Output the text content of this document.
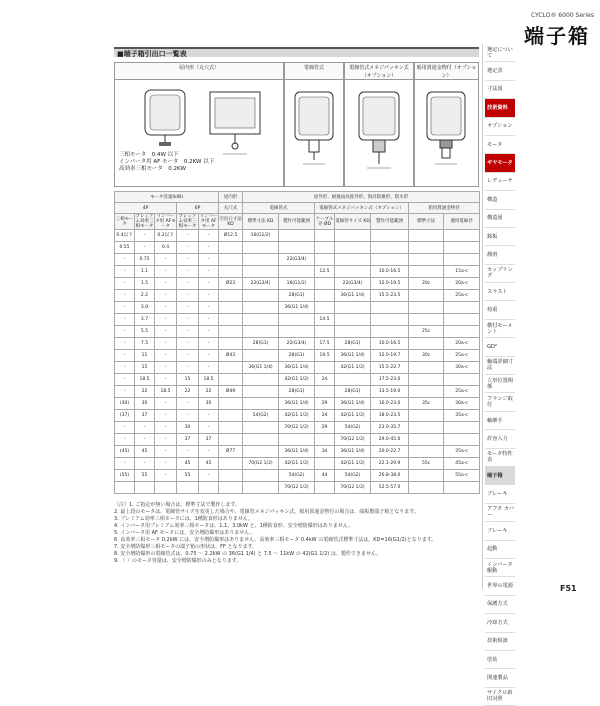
CYCLO® 6000 Series
端子箱
■端子箱引出口一覧表
屋内形（丸穴式）	電線管式	電線管式メネジパッキン式（オプション）
船用貫通金物付（オプション）
三相モータ　 0.4W 以下
インバータ用 AF モータ　 0.2KW 以下
高効率三相モータ　 0.2KW
モータ容量(kW)					屋内形	屋外形、耐風雨高度外形、海洋防塵形、防水形						
4P			6P		丸穴式	電線管式		電線管式メネジパッキン式（オプション）			船用貫通金物付	
三相モータ	プレミアム効率三相モータ	インバータ用 AFモータ	プレミアム効率三相モータ	インバータ用 AFモータ	引出口寸法 KD	標準寸法 KD	製作可能範囲	ケーブル径 ØD	電線管サイズ KD	製作可能範囲	標準寸法	適用電線径
0.4以下	-	0.2以下	-	-	Ø12.5	16(G1/2)						
0.55	-	0.4	-	-								
-	0.75	-	-	-			22(G3/4)					
-	1.1	-	-	-				12.5		10.0-16.5		15a-c
-	1.5	-	-	-	Ø23	22(G3/4)	16(G1/2)		22(G3/4)	12.0-19.5	20c	20a-c
-	2.2	-	-	-			28(G1)		36(G1 1/4)	15.5-23.5		25a-c
-	3.0	-	-	-			36(G1 1/4)					
-	3.7	-	-	-				14.5				
-	5.5	-	-	-							25c	
-	7.5	-	-	-		28(G1)	22(G3/4)	17.5	28(G1)	10.0-16.5		20a-c
-	11	-	-	-	Ø43		28(G1)	19.5	36(G1 1/4)	12.0-19.7	30c	25a-c
-	15	-	-	-		36(G1 1/4)	36(G1 1/4)		42(G1 1/2)	15.5-22.7		30a-c
-	18.5	-	15	18.5			42(G1 1/2)	24		17.5-23.0		
-	22	18.5	22	22	Ø49		28(G1)		28(G1)	13.5-19.0		25a-c
(30)	30	-	-	30			36(G1 1/4)	29	36(G1 1/4)	16.0-23.0	35c	30a-c
(37)	37	-	-	-		54(G2)	42(G1 1/2)	24	42(G1 1/2)	18.0-23.5		35a-c
-	-	-	30	-			70(G2 1/2)	29	54(G2)	23.0-35.7		
-	-	-	37	37					70(G2 1/2)	29.0-45.0		
(45)	45	-	-	-	Ø77		36(G1 1/4)	34	36(G1 1/4)	20.0-22.7		35a-c
-	-	-	45	45		70(G2 1/2)	42(G1 1/2)		42(G1 1/2)	22.1-29.9	55c	45a-c
(55)	55	-	55	-			54(G2)	44	54(G2)	26.8-38.0		55a-c
							70(G2 1/2)		70(G2 1/2)	52.5-57.0		
（注）1. ご指定が無い場合は、標準寸法で製作します。
2. 最上段のモータは、電線管サイズを変更した場合や、電線管メネジパッキン式、船用貫通金物付の場合は、端板製端子箱となります。
3. プレミアム効率三相モータには、1種防食形はありません。
4. インバータ用プレミアム効率三相モータは、1.1、3.0kW と、1種防食形、安全増防爆形はありません。
5. インバータ用 AF モータには、安全増防爆形はありません。
6. 高効率三相モータ 0.2kW には、安全増防爆形はありません。高効率三相モータ 0.4kW の電線管式標準寸法は、KD=16(G1/2)となります。
7. 安全増防爆形三相モータの端子箱の形状は、FF となります。
8. 安全増防爆形の電線管式は、0.75 ～ 2.2kW の 36(G1 1/4) と 7.5 ～ 11kW の 42(G1 1/2) は、製作できません。
9. （ ）のモータ容量は、安全増防爆形のみとなります。
選定について
選定表
寸法図
技術資料
オプション
モータ
ギヤモータ
レデューサ
構造
構造図
銘板
潤滑
カップリング
スラスト
荷重
横付モーメント
GD²
軸端詳細寸法
立形位置関係
フランジ取付
軸継手
許容入力
モータ特性表
端子箱
ブレーキ
アフタ カバー
ブレーキ
起動
インバータ駆動
世界の電源
保護方式
冷却方式
技術相談
塗装
関連製品
サイクロ新旧対照
F51
